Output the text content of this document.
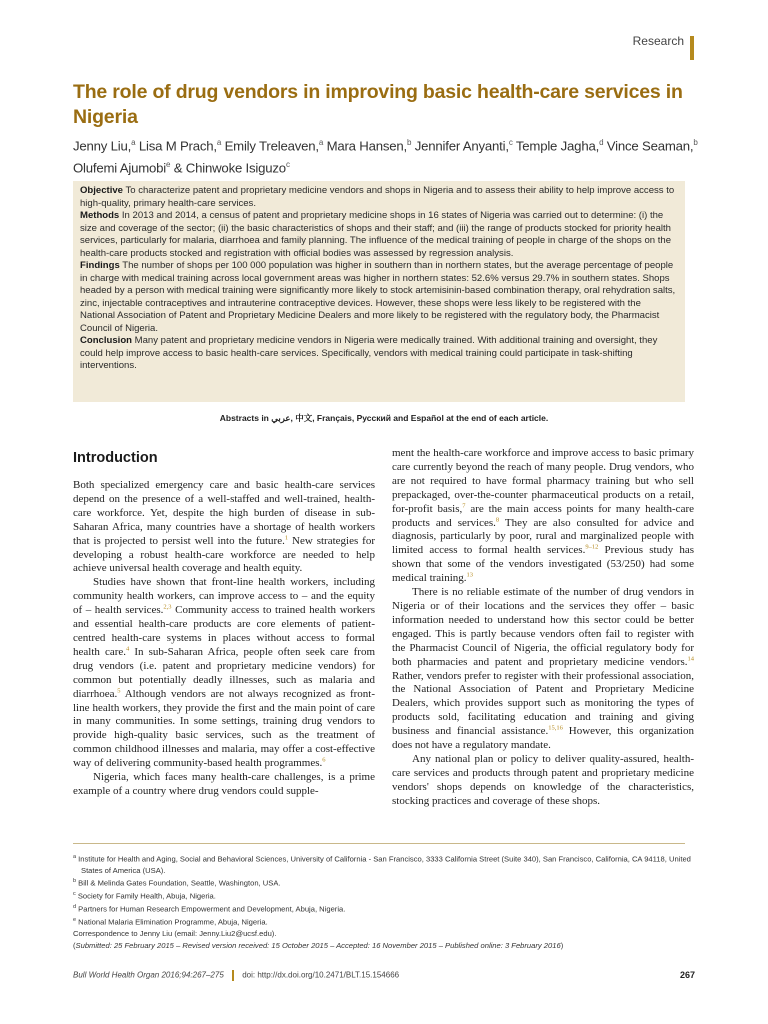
Research
The role of drug vendors in improving basic health-care services in Nigeria
Jenny Liu,$^a$ Lisa M Prach,$^a$ Emily Treleaven,$^a$ Mara Hansen,$^b$ Jennifer Anyanti,$^c$ Temple Jagha,$^d$ Vince Seaman,$^b$ Olufemi Ajumobi$^e$ & Chinwoke Isiguzo$^c$

Objective To characterize patent and proprietary medicine vendors and shops in Nigeria and to assess their ability to help improve access to high-quality, primary health-care services.

Methods In 2013 and 2014, a census of patent and proprietary medicine shops in 16 states of Nigeria was carried out to determine: (i) the size and coverage of the sector; (ii) the basic characteristics of shops and their staff; and (iii) the range of products stocked for priority health services, particularly for malaria, diarrhoea and family planning. The influence of the medical training of people in charge of the shops on the health-care products stocked and registration with official bodies was assessed by regression analysis.

Findings The number of shops per 100 000 population was higher in southern than in northern states, but the average percentage of people in charge with medical training across local government areas was higher in northern states: 52.6% versus 29.7% in southern states. Shops headed by a person with medical training were significantly more likely to stock artemisinin-based combination therapy, oral rehydration salts, zinc, injectable contraceptives and intrauterine contraceptive devices. However, these shops were less likely to be registered with the National Association of Patent and Proprietary Medicine Dealers and more likely to be registered with the regulatory body, the Pharmacist Council of Nigeria.

Conclusion Many patent and proprietary medicine vendors in Nigeria were medically trained. With additional training and oversight, they could help improve access to basic health-care services. Specifically, vendors with medical training could participate in task-shifting interventions.

Abstracts in عربي, 中文, Français, Русский and Español at the end of each article.
Introduction

Both specialized emergency care and basic health-care services depend on the presence of a well-staffed and well-trained, health-care workforce. Yet, despite the high burden of disease in sub-Saharan Africa, many countries have a shortage of health workers that is projected to persist well into the future.$^1$ New strategies for developing a robust health-care workforce are needed to help achieve universal health coverage and health equity.

Studies have shown that front-line health workers, including community health workers, can improve access to – and the equity of – health services.$^{2,3}$ Community access to trained health workers and essential health-care products are core elements of patient-centred health-care systems in places without access to formal health care.$^4$ In sub-Saharan Africa, people often seek care from drug vendors (i.e. patent and proprietary medicine vendors) for common but potentially deadly illnesses, such as malaria and diarrhoea.$^5$ Although vendors are not always recognized as front-line health workers, they provide the first and the main point of care in many communities. In some settings, training drug vendors to provide high-quality basic services, such as the treatment of common childhood illnesses and malaria, may offer a cost-effective way of delivering community-based health programmes.$^6$

Nigeria, which faces many health-care challenges, is a prime example of a country where drug vendors could supple-

ment the health-care workforce and improve access to basic primary care currently beyond the reach of many people. Drug vendors, who are not required to have formal pharmacy training but who sell prepackaged, over-the-counter pharmaceutical products on a retail, for-profit basis,$^7$ are the main access points for many health-care products and services.$^8$ They are also consulted for advice and diagnosis, particularly by poor, rural and marginalized people with limited access to formal health services.$^{9-12}$ Previous study has shown that some of the vendors investigated (53/250) had some medical training.$^{13}$

There is no reliable estimate of the number of drug vendors in Nigeria or of their locations and the services they offer – basic information needed to understand how this sector could be better engaged. This is partly because vendors often fail to register with the Pharmacist Council of Nigeria, the official regulatory body for both pharmacies and patent and proprietary medicine vendors.$^{14}$ Rather, vendors prefer to register with their professional association, the National Association of Patent and Proprietary Medicine Dealers, which provides support such as monitoring the types of products sold, facilitating education and training and giving business and financial assistance.$^{15,16}$ However, this organization does not have a regulatory mandate.

Any national plan or policy to deliver quality-assured, health-care services and products through patent and proprietary medicine vendors' shops depends on knowledge of the characteristics, stocking practices and coverage of these shops.

$^a$ Institute for Health and Aging, Social and Behavioral Sciences, University of California - San Francisco, 3333 California Street (Suite 340), San Francisco, California, CA 94118, United States of America (USA).

$^b$ Bill & Melinda Gates Foundation, Seattle, Washington, USA.

$^c$ Society for Family Health, Abuja, Nigeria.

$^d$ Partners for Human Research Empowerment and Development, Abuja, Nigeria.

$^e$ National Malaria Elimination Programme, Abuja, Nigeria.

Correspondence to Jenny Liu (email: Jenny.Liu2@ucsf.edu).

(Submitted: 25 February 2015 – Revised version received: 15 October 2015 – Accepted: 16 November 2015 – Published online: 3 February 2016)

Bull World Health Organ 2016;94:267–275 doi: http://dx.doi.org/10.2471/BLT.15.154666	267
